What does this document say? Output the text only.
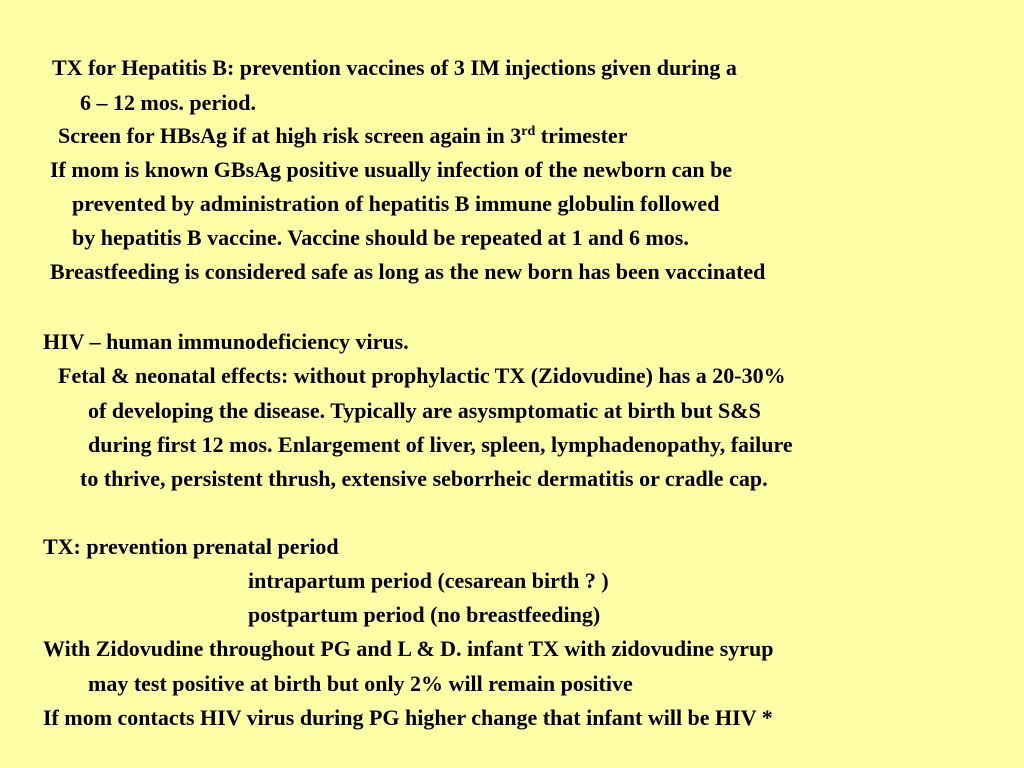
TX for Hepatitis B: prevention vaccines of 3 IM injections given during a
6 – 12 mos. period.
Screen for HBsAg if at high risk screen again in 3rd trimester
If mom is known GBsAg positive usually infection of the newborn can be
prevented by administration of hepatitis B immune globulin followed
by hepatitis B vaccine. Vaccine should be repeated at 1 and 6 mos.
Breastfeeding is considered safe as long as the new born has been vaccinated
HIV – human immunodeficiency virus.
Fetal & neonatal effects: without prophylactic TX (Zidovudine) has a 20-30%
of developing the disease. Typically are asysmptomatic at birth but S&S
during first 12 mos. Enlargement of liver, spleen, lymphadenopathy, failure
to thrive, persistent thrush, extensive seborrheic dermatitis or cradle cap.
TX: prevention prenatal period
intrapartum period (cesarean birth ? )
postpartum period (no breastfeeding)
With Zidovudine throughout PG and L & D. infant TX with zidovudine syrup
may test positive at birth but only 2% will remain positive
If mom contacts HIV virus during PG higher change that infant will be HIV *
